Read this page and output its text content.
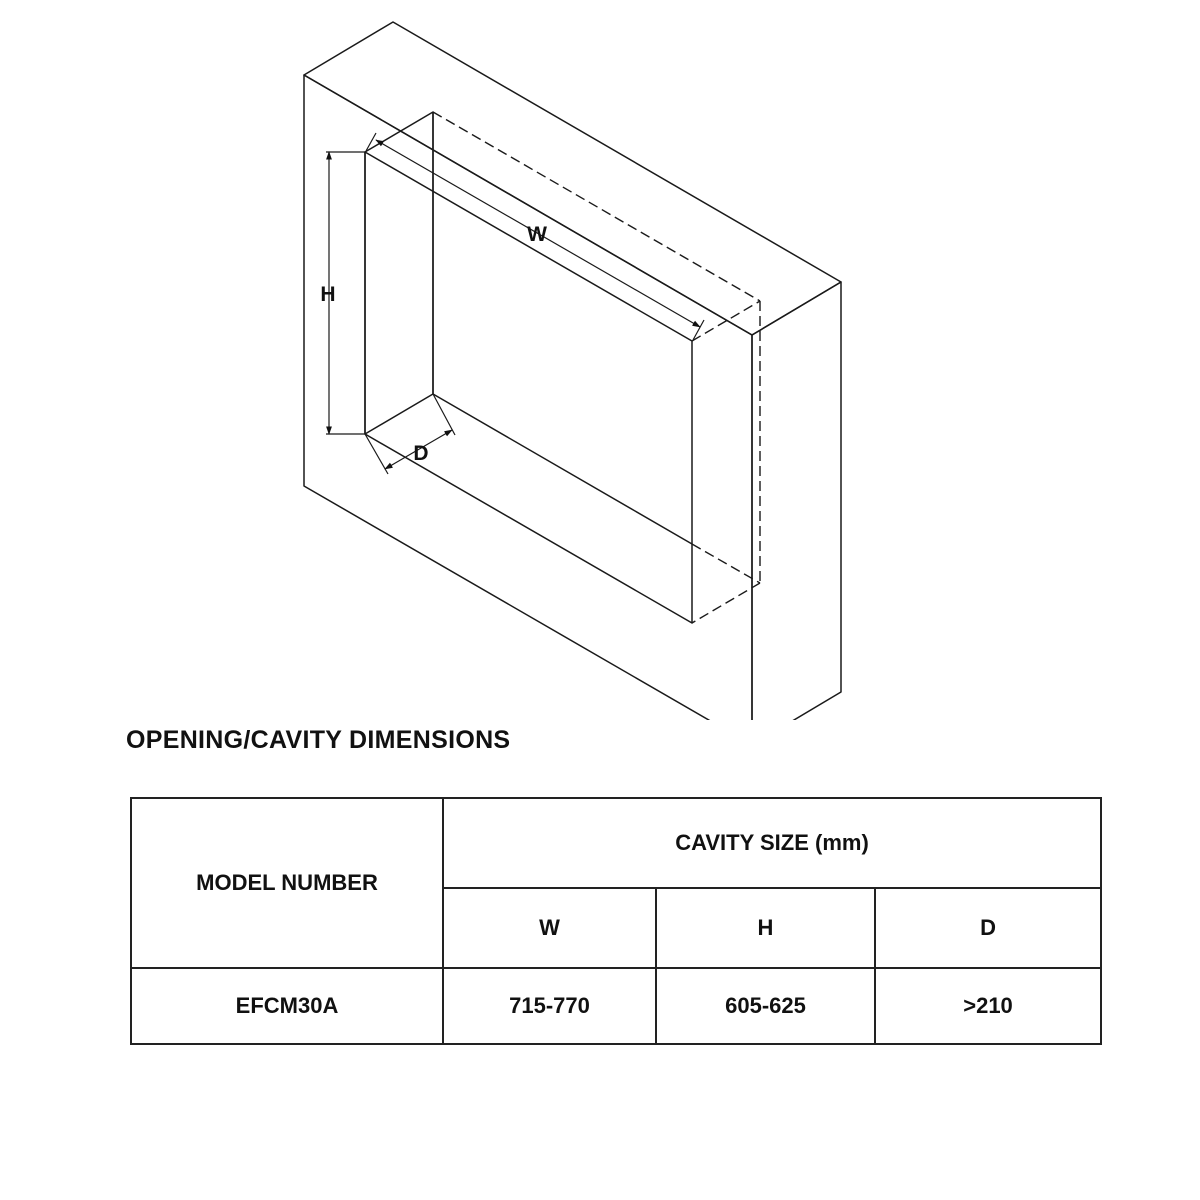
W
H
D
OPENING/CAVITY DIMENSIONS
MODEL NUMBER	CAVITY SIZE (mm)		
	W	H	D
EFCM30A	715-770	605-625	>210
